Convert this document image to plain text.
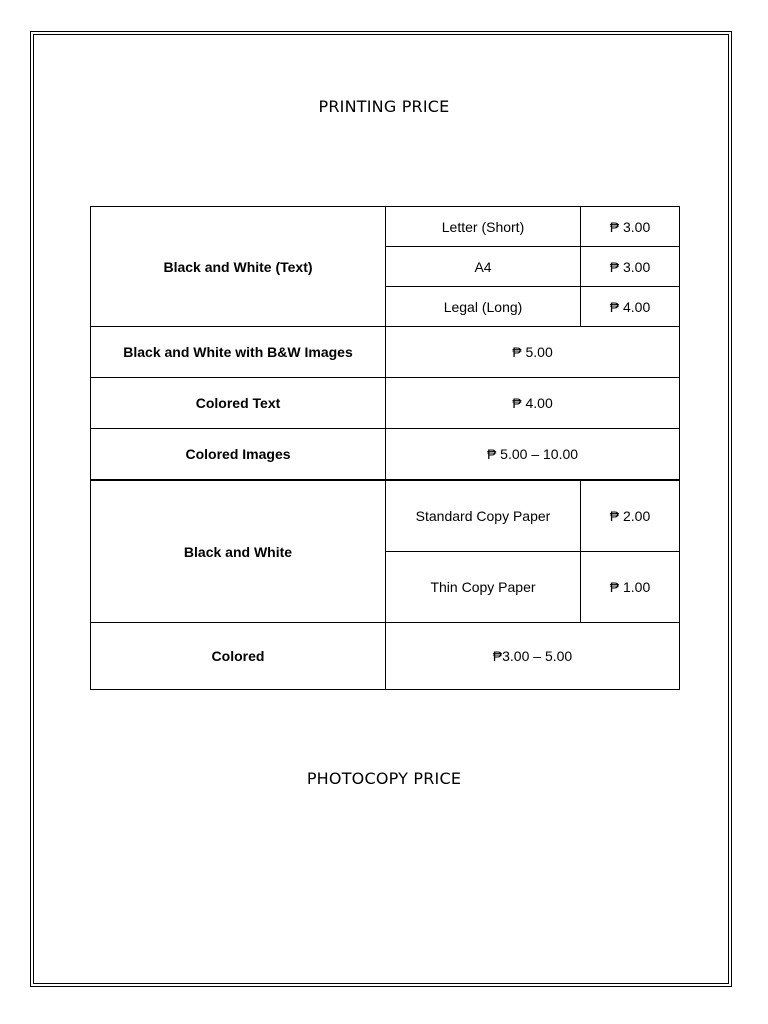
PRINTING PRICE
Black and White (Text)	Letter (Short)	₱ 3.00
	A4	₱ 3.00
	Legal (Long)	₱ 4.00
Black and White with B&W Images	₱ 5.00	
Colored Text	₱ 4.00	
Colored Images	₱ 5.00 – 10.00	
Black and White	Standard Copy Paper	₱ 2.00
	Thin Copy Paper	₱ 1.00
Colored	₱3.00 – 5.00	
PHOTOCOPY PRICE
